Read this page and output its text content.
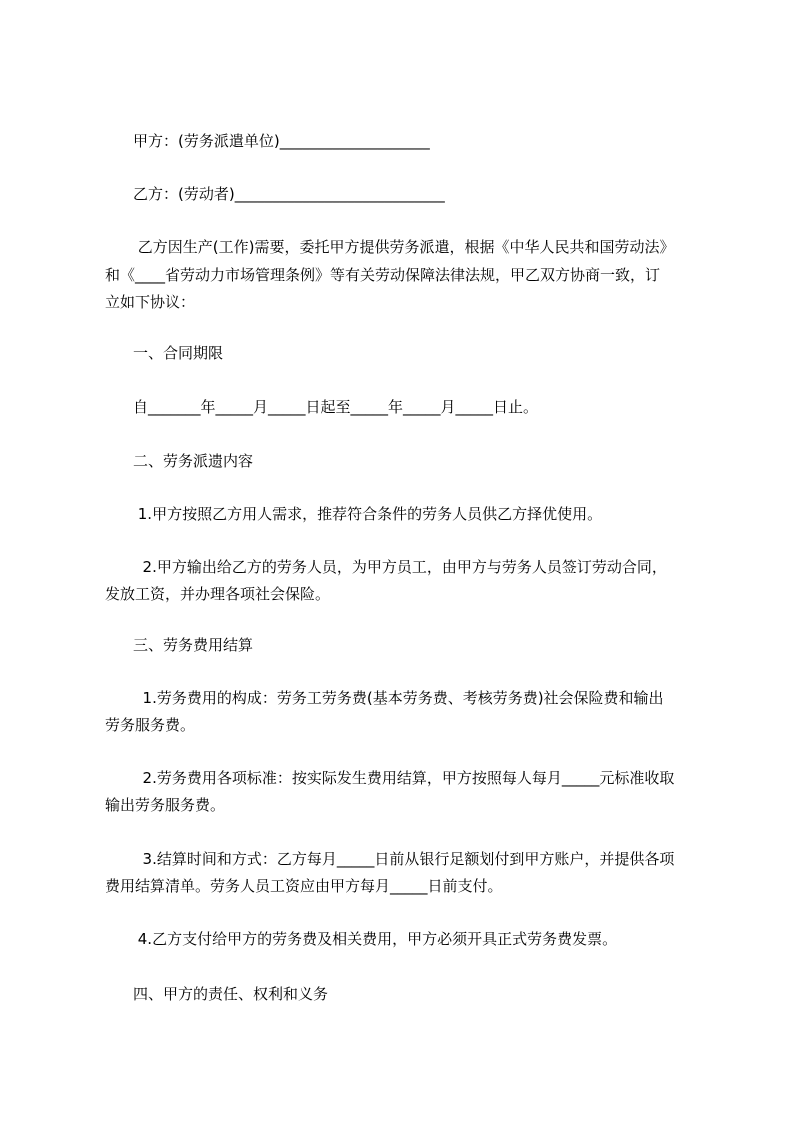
甲方：(劳务派遣单位)____________________
乙方：(劳动者)____________________________
乙方因生产(工作)需要，委托甲方提供劳务派遣，根据《中华人民共和国劳动法》
和《____省劳动力市场管理条例》等有关劳动保障法律法规，甲乙双方协商一致，订
立如下协议：
一、合同期限
自_______年_____月_____日起至_____年_____月_____日止。
二、劳务派遗内容
1.甲方按照乙方用人需求，推荐符合条件的劳务人员供乙方择优使用。
2.甲方输出给乙方的劳务人员，为甲方员工，由甲方与劳务人员签订劳动合同，
发放工资，并办理各项社会保险。
三、劳务费用结算
1.劳务费用的构成：劳务工劳务费(基本劳务费、考核劳务费)社会保险费和输出
劳务服务费。
2.劳务费用各项标准：按实际发生费用结算，甲方按照每人每月_____元标准收取
输出劳务服务费。
3.结算时间和方式：乙方每月_____日前从银行足额划付到甲方账户，并提供各项
费用结算清单。劳务人员工资应由甲方每月_____日前支付。
4.乙方支付给甲方的劳务费及相关费用，甲方必须开具正式劳务费发票。
四、甲方的责任、权利和义务
